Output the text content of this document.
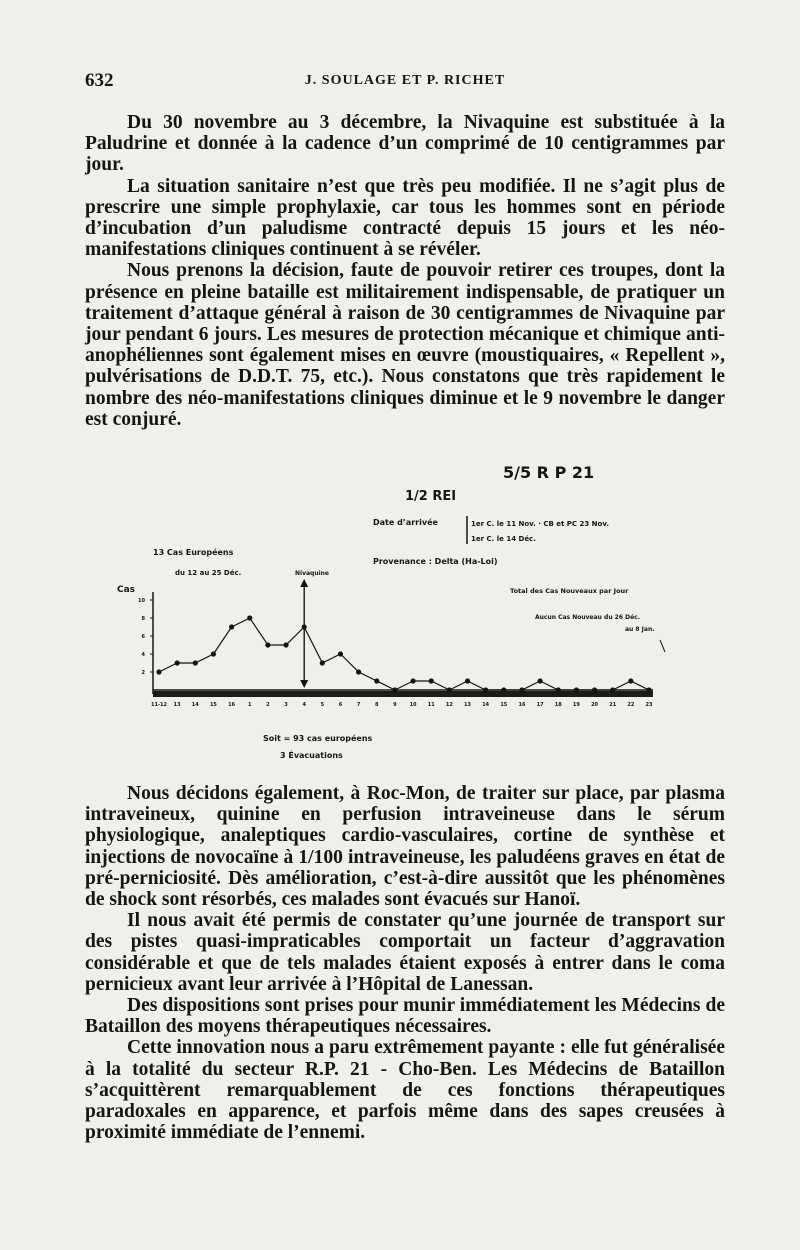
632	J. SOULAGE ET P. RICHET

Du 30 novembre au 3 décembre, la Nivaquine est substituée à la Paludrine et donnée à la cadence d’un comprimé de 10 centigrammes par jour.

La situation sanitaire n’est que très peu modifiée. Il ne s’agit plus de prescrire une simple prophylaxie, car tous les hommes sont en période d’incubation d’un paludisme contracté depuis 15 jours et les néo-manifestations cliniques continuent à se révéler.

Nous prenons la décision, faute de pouvoir retirer ces troupes, dont la présence en pleine bataille est militairement indispensable, de pratiquer un traitement d’attaque général à raison de 30 centigrammes de Nivaquine par jour pendant 6 jours. Les mesures de protection mécanique et chimique anti-anophéliennes sont également mises en œuvre (moustiquaires, « Repellent », pulvérisations de D.D.T. 75, etc.). Nous constatons que très rapidement le nombre des néo-manifestations cliniques diminue et le 9 novembre le danger est conjuré.

5/5 R P 21
1/2 REI
Date d’arrivée	1er C. le 11 Nov. · CB et PC 23 Nov.
1er C. le 14 Déc.
Provenance : Delta (Ha-Loi)
13 Cas Européens
du 12 au 25 Déc.	Nivaquine
Cas	Total des Cas Nouveaux par Jour
Aucun Cas Nouveau du 26 Déc.
au 8 Jan.
Soit = 93 cas européens
3 Évacuations
2
4
6
8
10
11-12 13 14 15 16	1	2	3	4	5	6	7	8	9	10 11 12 13 14 15 16 17 18 19 20 21 22 23

Nous décidons également, à Roc-Mon, de traiter sur place, par plasma intraveineux, quinine en perfusion intraveineuse dans le sérum physiologique, analeptiques cardio-vasculaires, cortine de synthèse et injections de novocaïne à 1/100 intraveineuse, les paludéens graves en état de pré-perniciosité. Dès amélioration, c’est-à-dire aussitôt que les phénomènes de shock sont résorbés, ces malades sont évacués sur Hanoï.

Il nous avait été permis de constater qu’une journée de transport sur des pistes quasi-impraticables comportait un facteur d’aggravation considérable et que de tels malades étaient exposés à entrer dans le coma pernicieux avant leur arrivée à l’Hôpital de Lanessan.

Des dispositions sont prises pour munir immédiatement les Médecins de Bataillon des moyens thérapeutiques nécessaires.

Cette innovation nous a paru extrêmement payante : elle fut généralisée à la totalité du secteur R.P. 21 - Cho-Ben. Les Médecins de Bataillon s’acquittèrent remarquablement de ces fonctions thérapeutiques paradoxales en apparence, et parfois même dans des sapes creusées à proximité immédiate de l’ennemi.
